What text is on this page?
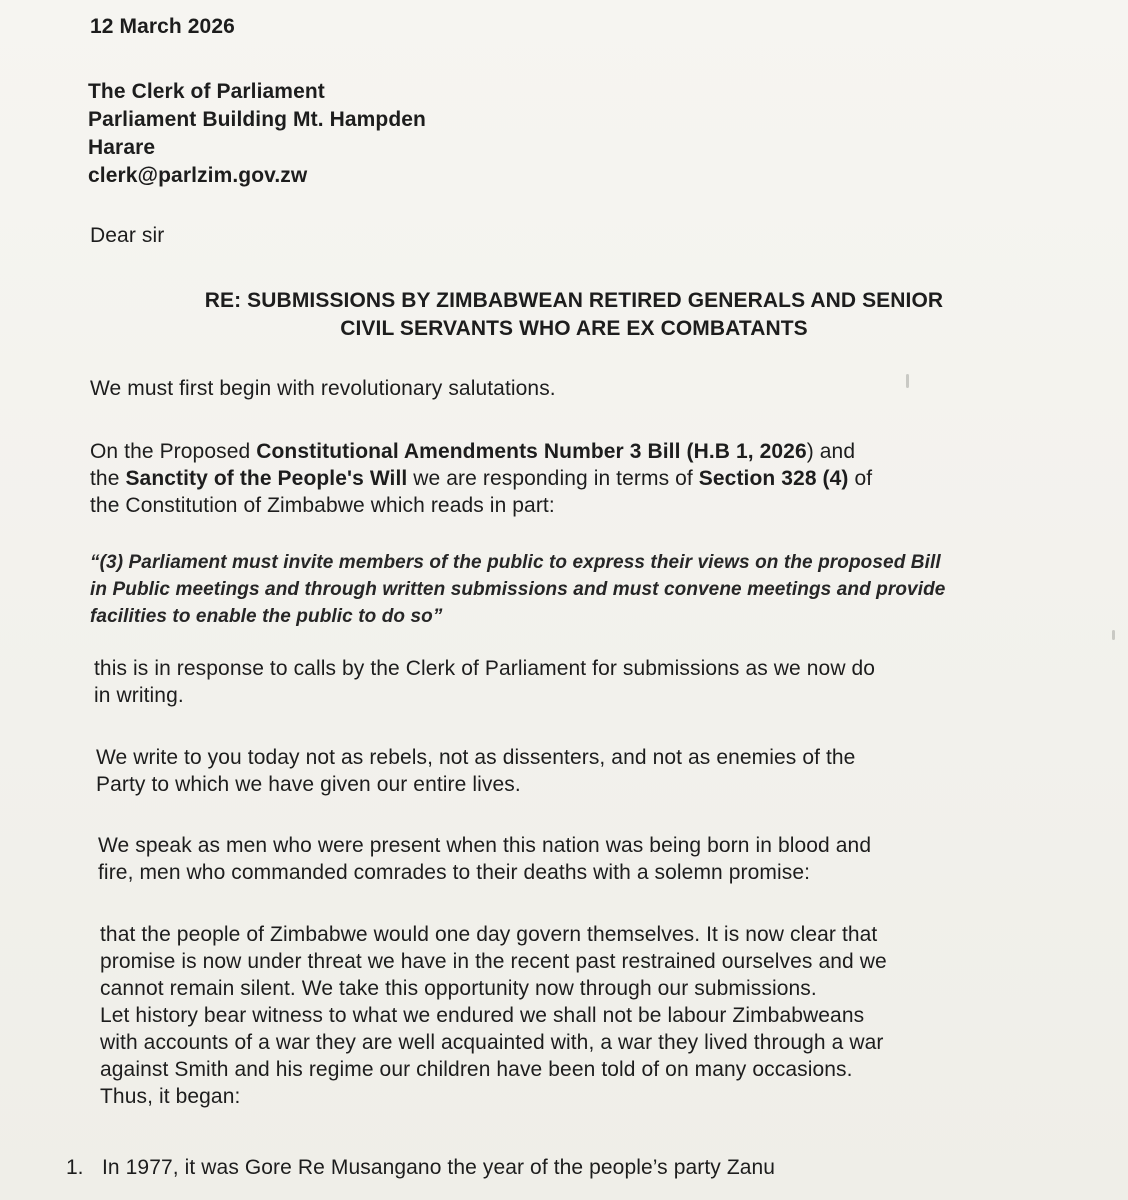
12 March 2026
The Clerk of Parliament
Parliament Building Mt. Hampden
Harare
clerk@parlzim.gov.zw
Dear sir
RE: SUBMISSIONS BY ZIMBABWEAN RETIRED GENERALS AND SENIOR
CIVIL SERVANTS WHO ARE EX COMBATANTS
We must first begin with revolutionary salutations.
On the Proposed Constitutional Amendments Number 3 Bill (H.B 1, 2026) and
the Sanctity of the People's Will we are responding in terms of Section 328 (4) of
the Constitution of Zimbabwe which reads in part:
“(3) Parliament must invite members of the public to express their views on the proposed Bill
in Public meetings and through written submissions and must convene meetings and provide
facilities to enable the public to do so”
this is in response to calls by the Clerk of Parliament for submissions as we now do
in writing.
We write to you today not as rebels, not as dissenters, and not as enemies of the
Party to which we have given our entire lives.
We speak as men who were present when this nation was being born in blood and
fire, men who commanded comrades to their deaths with a solemn promise:
that the people of Zimbabwe would one day govern themselves. It is now clear that
promise is now under threat we have in the recent past restrained ourselves and we
cannot remain silent. We take this opportunity now through our submissions.
Let history bear witness to what we endured we shall not be labour Zimbabweans
with accounts of a war they are well acquainted with, a war they lived through a war
against Smith and his regime our children have been told of on many occasions.
Thus, it began:
1. In 1977, it was Gore Re Musangano the year of the people’s party Zanu
